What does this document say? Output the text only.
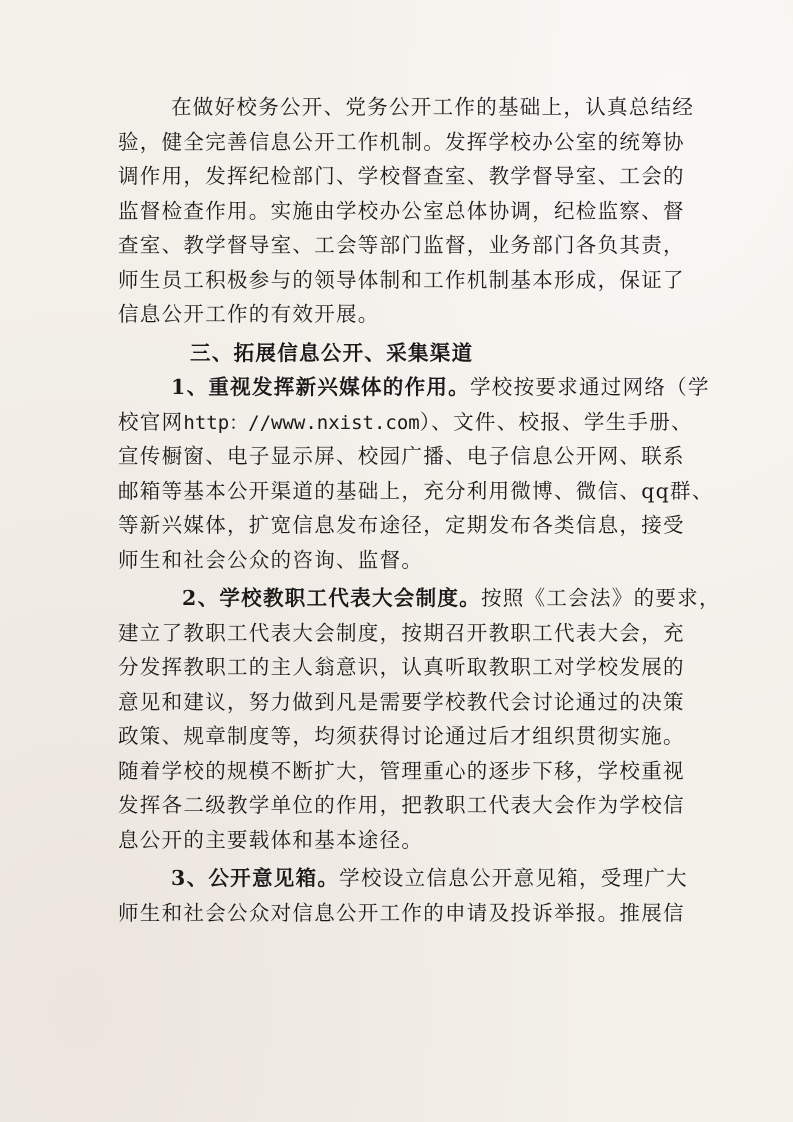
在做好校务公开、党务公开工作的基础上，认真总结经
验，健全完善信息公开工作机制。发挥学校办公室的统筹协
调作用，发挥纪检部门、学校督查室、教学督导室、工会的
监督检查作用。实施由学校办公室总体协调，纪检监察、督
查室、教学督导室、工会等部门监督，业务部门各负其责，
师生员工积极参与的领导体制和工作机制基本形成，保证了
信息公开工作的有效开展。
三、拓展信息公开、采集渠道
1、重视发挥新兴媒体的作用。学校按要求通过网络（学
校官网http：//www.nxist.com）、文件、校报、学生手册、
宣传橱窗、电子显示屏、校园广播、电子信息公开网、联系
邮箱等基本公开渠道的基础上，充分利用微博、微信、qq群、
等新兴媒体，扩宽信息发布途径，定期发布各类信息，接受
师生和社会公众的咨询、监督。
2、学校教职工代表大会制度。按照《工会法》的要求，
建立了教职工代表大会制度，按期召开教职工代表大会，充
分发挥教职工的主人翁意识，认真听取教职工对学校发展的
意见和建议，努力做到凡是需要学校教代会讨论通过的决策
政策、规章制度等，均须获得讨论通过后才组织贯彻实施。
随着学校的规模不断扩大，管理重心的逐步下移，学校重视
发挥各二级教学单位的作用，把教职工代表大会作为学校信
息公开的主要载体和基本途径。
3、公开意见箱。学校设立信息公开意见箱，受理广大
师生和社会公众对信息公开工作的申请及投诉举报。推展信
